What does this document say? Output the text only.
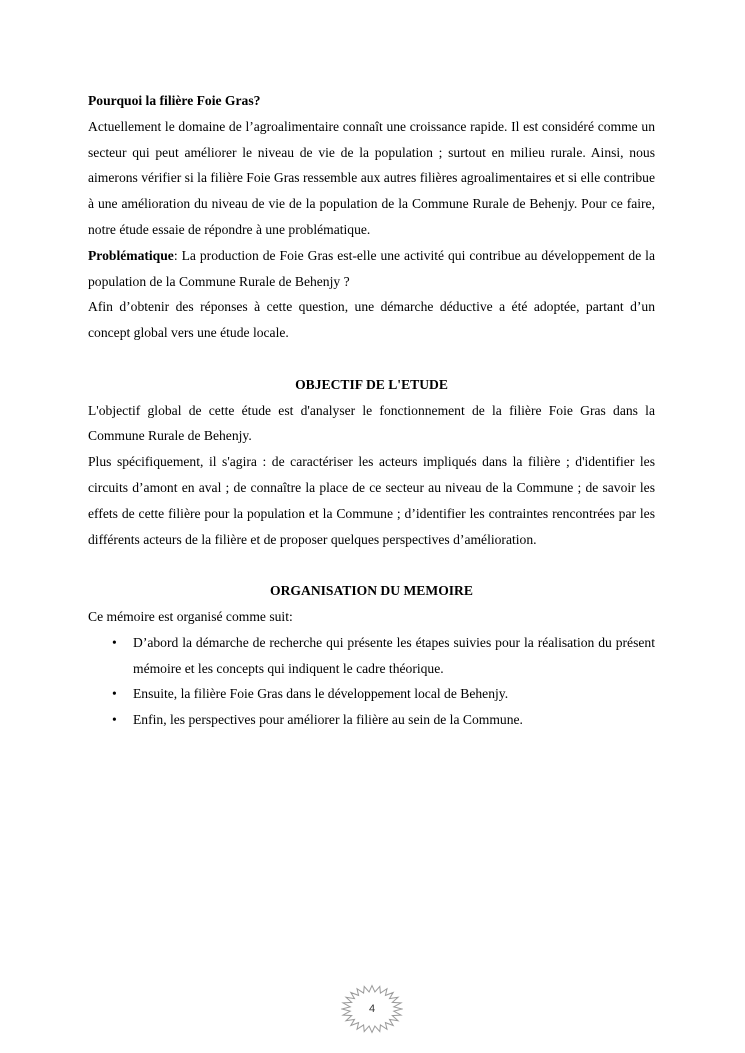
Pourquoi la filière Foie Gras?

Actuellement le domaine de l’agroalimentaire connaît une croissance rapide. Il est considéré comme un secteur qui peut améliorer le niveau de vie de la population ; surtout en milieu rurale. Ainsi, nous aimerons vérifier si la filière Foie Gras ressemble aux autres filières agroalimentaires et si elle contribue à une amélioration du niveau de vie de la population de la Commune Rurale de Behenjy. Pour ce faire, notre étude essaie de répondre à une problématique.

Problématique: La production de Foie Gras est-elle une activité qui contribue au développement de la population de la Commune Rurale de Behenjy ?

Afin d’obtenir des réponses à cette question, une démarche déductive a été adoptée, partant d’un concept global vers une étude locale.

OBJECTIF DE L'ETUDE

L'objectif global de cette étude est d'analyser le fonctionnement de la filière Foie Gras dans la Commune Rurale de Behenjy.

Plus spécifiquement, il s'agira : de caractériser les acteurs impliqués dans la filière ; d'identifier les circuits d’amont en aval ; de connaître la place de ce secteur au niveau de la Commune ; de savoir les effets de cette filière pour la population et la Commune ; d’identifier les contraintes rencontrées par les différents acteurs de la filière et de proposer quelques perspectives d’amélioration.

ORGANISATION DU MEMOIRE

Ce mémoire est organisé comme suit:

• D’abord la démarche de recherche qui présente les étapes suivies pour la réalisation du présent mémoire et les concepts qui indiquent le cadre théorique.
• Ensuite, la filière Foie Gras dans le développement local de Behenjy.
• Enfin, les perspectives pour améliorer la filière au sein de la Commune.
4
